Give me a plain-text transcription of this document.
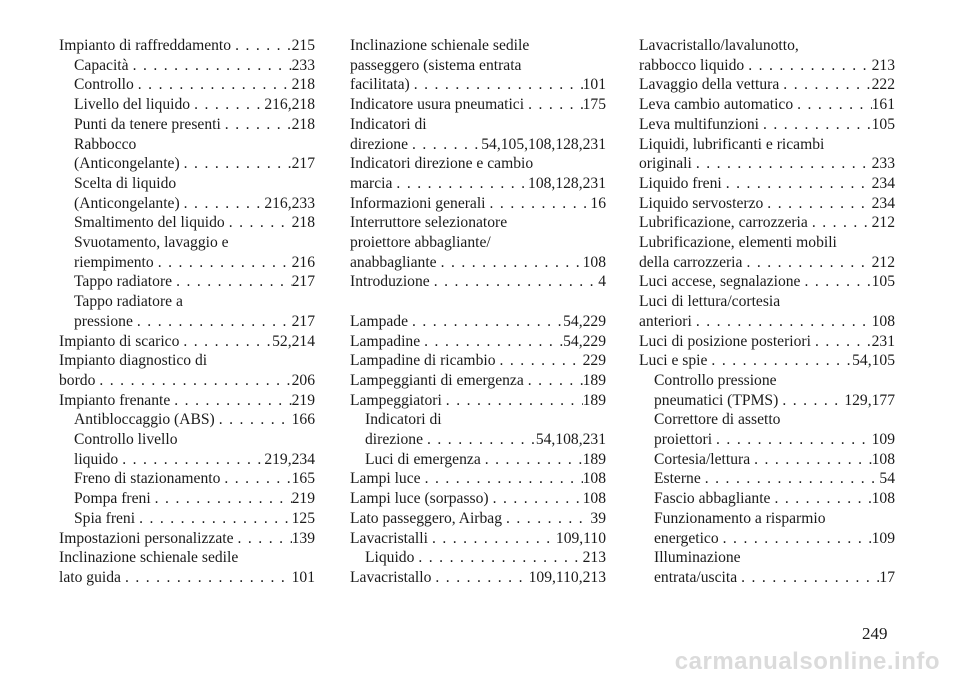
Impianto di raffreddamento . . .	215
Capacità . . .	233
Controllo . . .	218
Livello del liquido . . .	216,218
Punti da tenere presenti . . .	218
Rabbocco
(Anticongelante) . . .	217
Scelta di liquido
(Anticongelante) . . .	216,233
Smaltimento del liquido . . .	218
Svuotamento, lavaggio e
riempimento . . .	216
Tappo radiatore . . .	217
Tappo radiatore a
pressione . . .	217
Impianto di scarico . . .	52,214
Impianto diagnostico di
bordo . . .	206
Impianto frenante . . .	219
Antibloccaggio (ABS) . . .	166
Controllo livello
liquido . . .	219,234
Freno di stazionamento . . .	165
Pompa freni . . .	219
Spia freni . . .	125
Impostazioni personalizzate . . .	139
Inclinazione schienale sedile
lato guida . . .	101
Inclinazione schienale sedile
passeggero (sistema entrata
facilitata) . . .	101
Indicatore usura pneumatici . . .	175
Indicatori di
direzione . . .	54,105,108,128,231
Indicatori direzione e cambio
marcia . . .	108,128,231
Informazioni generali . . .	16
Interruttore selezionatore
proiettore abbagliante/
anabbagliante . . .	108
Introduzione . . .	4
Lampade . . .	54,229
Lampadine . . .	54,229
Lampadine di ricambio . . .	229
Lampeggianti di emergenza . . .	189
Lampeggiatori . . .	189
Indicatori di
direzione . . .	54,108,231
Luci di emergenza . . .	189
Lampi luce . . .	108
Lampi luce (sorpasso) . . .	108
Lato passeggero, Airbag . . .	39
Lavacristalli . . .	109,110
Liquido . . .	213
Lavacristallo . . .	109,110,213
Lavacristallo/lavalunotto,
rabbocco liquido . . .	213
Lavaggio della vettura . . .	222
Leva cambio automatico . . .	161
Leva multifunzioni . . .	105
Liquidi, lubrificanti e ricambi
originali . . .	233
Liquido freni . . .	234
Liquido servosterzo . . .	234
Lubrificazione, carrozzeria . . .	212
Lubrificazione, elementi mobili
della carrozzeria . . .	212
Luci accese, segnalazione . . .	105
Luci di lettura/cortesia
anteriori . . .	108
Luci di posizione posteriori . . .	231
Luci e spie . . .	54,105
Controllo pressione
pneumatici (TPMS) . . .	129,177
Correttore di assetto
proiettori . . .	109
Cortesia/lettura . . .	108
Esterne . . .	54
Fascio abbagliante . . .	108
Funzionamento a risparmio
energetico . . .	109
Illuminazione
entrata/uscita . . .	17
249
carmanualsonline.info
